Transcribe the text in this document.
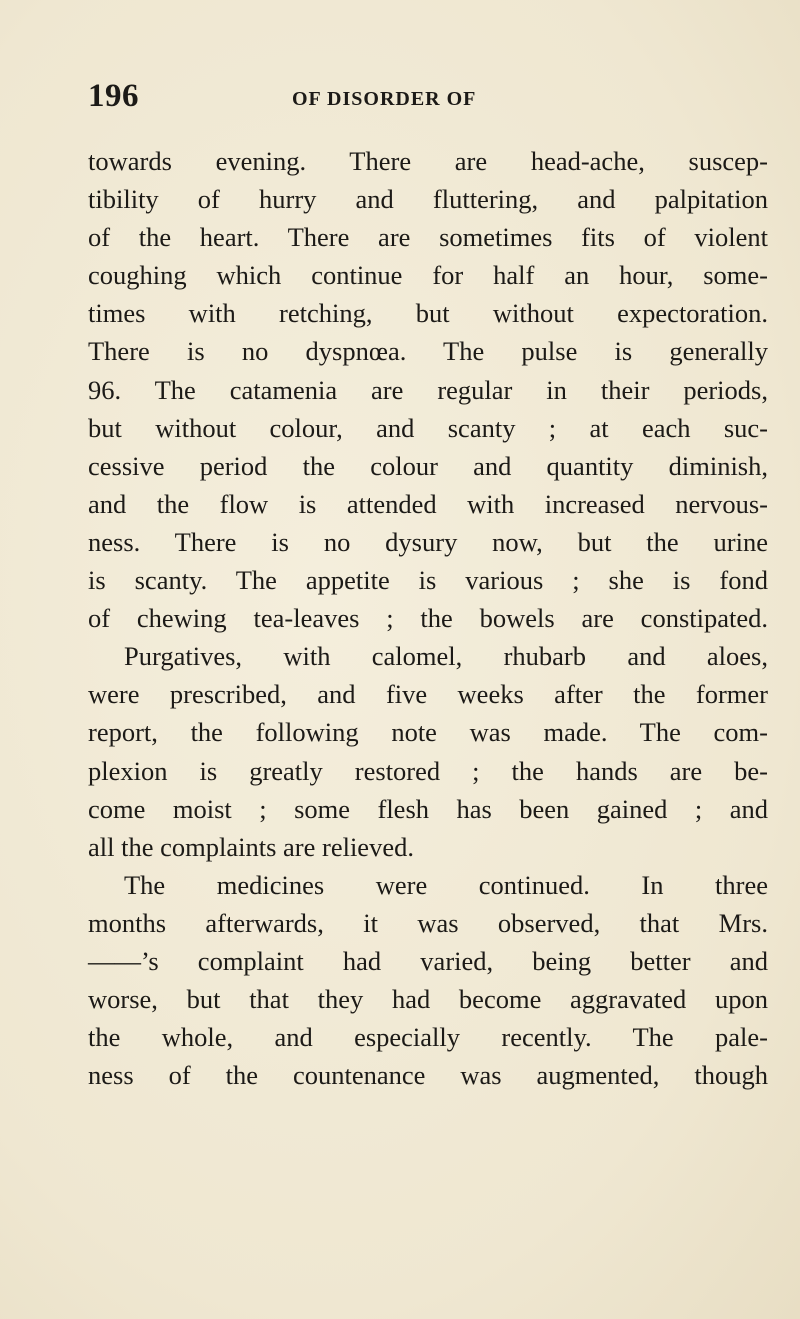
196	OF DISORDER OF
towards evening. There are head-ache, suscep-
tibility of hurry and fluttering, and palpitation
of the heart. There are sometimes fits of violent
coughing which continue for half an hour, some-
times with retching, but without expectoration.
There is no dyspnœa. The pulse is generally
96. The catamenia are regular in their periods,
but without colour, and scanty ; at each suc-
cessive period the colour and quantity diminish,
and the flow is attended with increased nervous-
ness. There is no dysury now, but the urine
is scanty. The appetite is various ; she is fond
of chewing tea-leaves ; the bowels are constipated.
Purgatives, with calomel, rhubarb and aloes,
were prescribed, and five weeks after the former
report, the following note was made. The com-
plexion is greatly restored ; the hands are be-
come moist ; some flesh has been gained ; and
all the complaints are relieved.
The medicines were continued. In three
months afterwards, it was observed, that Mrs.
——’s complaint had varied, being better and
worse, but that they had become aggravated upon
the whole, and especially recently. The pale-
ness of the countenance was augmented, though
